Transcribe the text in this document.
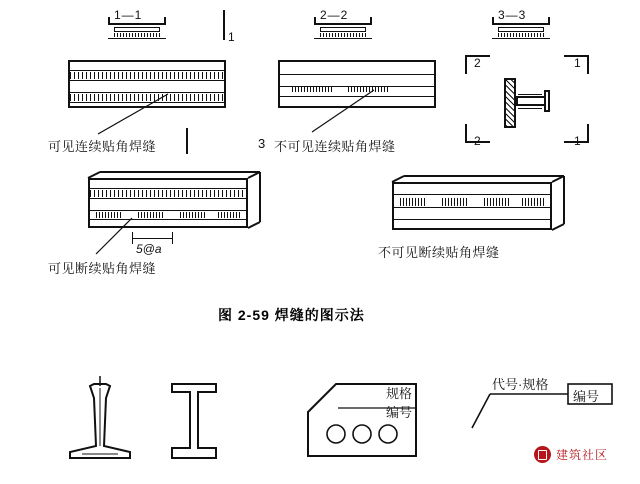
1—1
1
可见连续贴角焊缝
2—2
3 不可见连续贴角焊缝
3—3
2
2
1
1
5@a
可见断续贴角焊缝
不可见断续贴角焊缝
图 2-59 焊缝的图示法
规格
编号
代号·规格
编号
建筑社区
